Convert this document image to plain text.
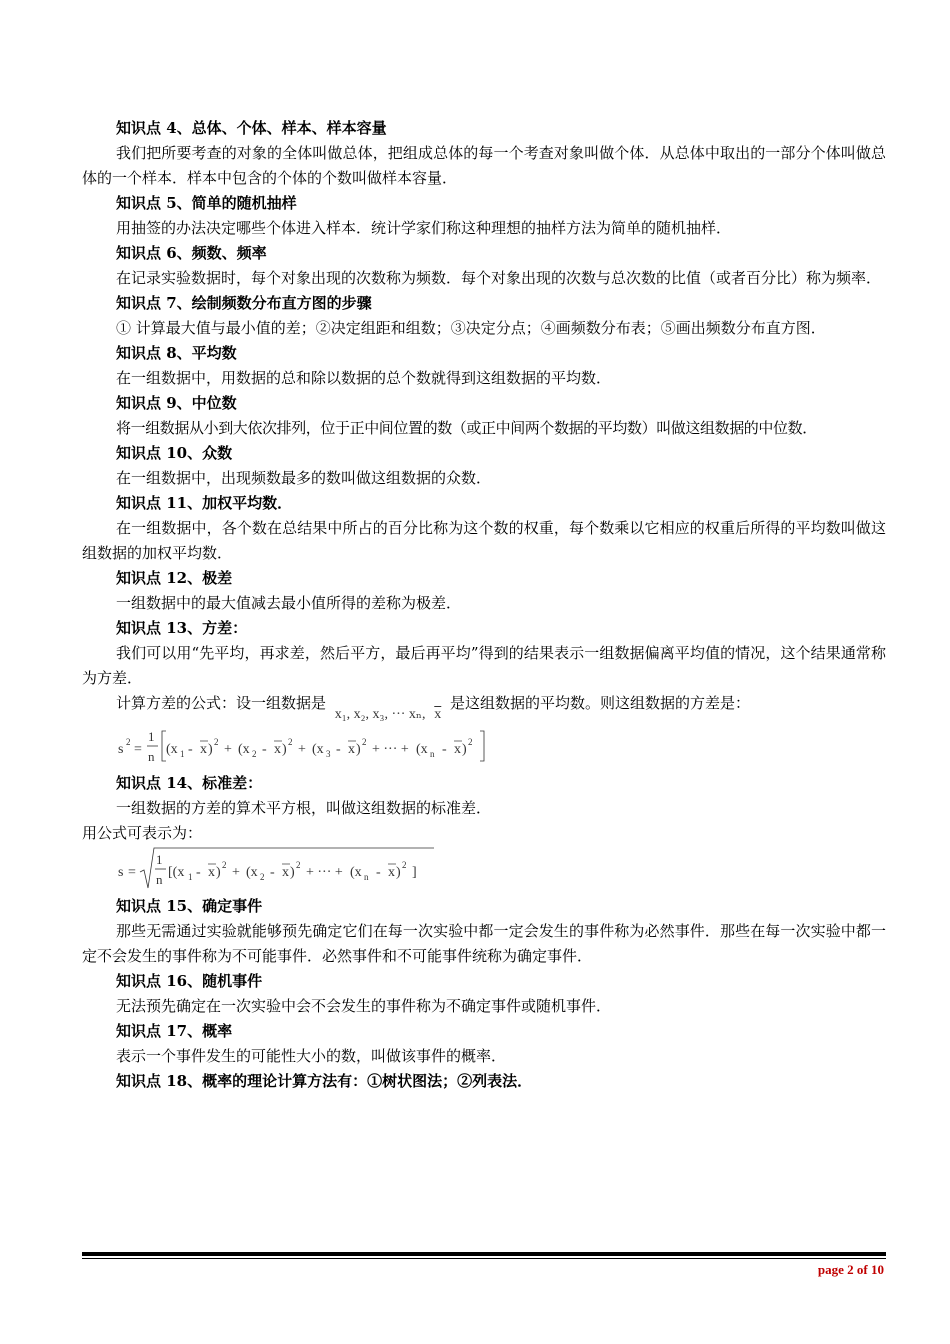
知识点 4、总体、个体、样本、样本容量

我们把所要考查的对象的全体叫做总体，把组成总体的每一个考查对象叫做个体．从总体中取出的一部分个体叫做总体的一个样本．样本中包含的个体的个数叫做样本容量．

知识点 5、简单的随机抽样

用抽签的办法决定哪些个体进入样本．统计学家们称这种理想的抽样方法为简单的随机抽样．

知识点 6、频数、频率

在记录实验数据时，每个对象出现的次数称为频数．每个对象出现的次数与总次数的比值（或者百分比）称为频率．

知识点 7、绘制频数分布直方图的步骤

① 计算最大值与最小值的差；②决定组距和组数；③决定分点；④画频数分布表；⑤画出频数分布直方图．

知识点 8、平均数

在一组数据中，用数据的总和除以数据的总个数就得到这组数据的平均数．

知识点 9、中位数

将一组数据从小到大依次排列，位于正中间位置的数（或正中间两个数据的平均数）叫做这组数据的中位数．

知识点 10、众数

在一组数据中，出现频数最多的数叫做这组数据的众数．

知识点 11、加权平均数．

在一组数据中，各个数在总结果中所占的百分比称为这个数的权重，每个数乘以它相应的权重后所得的平均数叫做这组数据的加权平均数．

知识点 12、极差

一组数据中的最大值减去最小值所得的差称为极差．

知识点 13、方差：

我们可以用“先平均，再求差，然后平方，最后再平均”得到的结果表示一组数据偏离平均值的情况，这个结果通常称为方差．

计算方差的公式：设一组数据是 x₁, x₂, x₃, ··· xₙ, $\overline{x}$ 是这组数据的平均数。则这组数据的方差是：
s 2 =
1
n (x 1 - x ) 2 + (x 2 - x ) 2 + (x 3 - x ) 2 + ··· + (x n - x ) 2
知识点 14、标准差：
一组数据的方差的算术平方根，叫做这组数据的标准差．
用公式可表示为：
s =
1
n [(x 1 - x ) 2 + (x 2 - x ) 2 + ··· + (x n - x ) 2 ]
知识点 15、确定事件

那些无需通过实验就能够预先确定它们在每一次实验中都一定会发生的事件称为必然事件．那些在每一次实验中都一定不会发生的事件称为不可能事件．必然事件和不可能事件统称为确定事件．

知识点 16、随机事件

无法预先确定在一次实验中会不会发生的事件称为不确定事件或随机事件．

知识点 17、概率

表示一个事件发生的可能性大小的数，叫做该事件的概率．

知识点 18、概率的理论计算方法有：①树状图法；②列表法．
page 2 of 10
